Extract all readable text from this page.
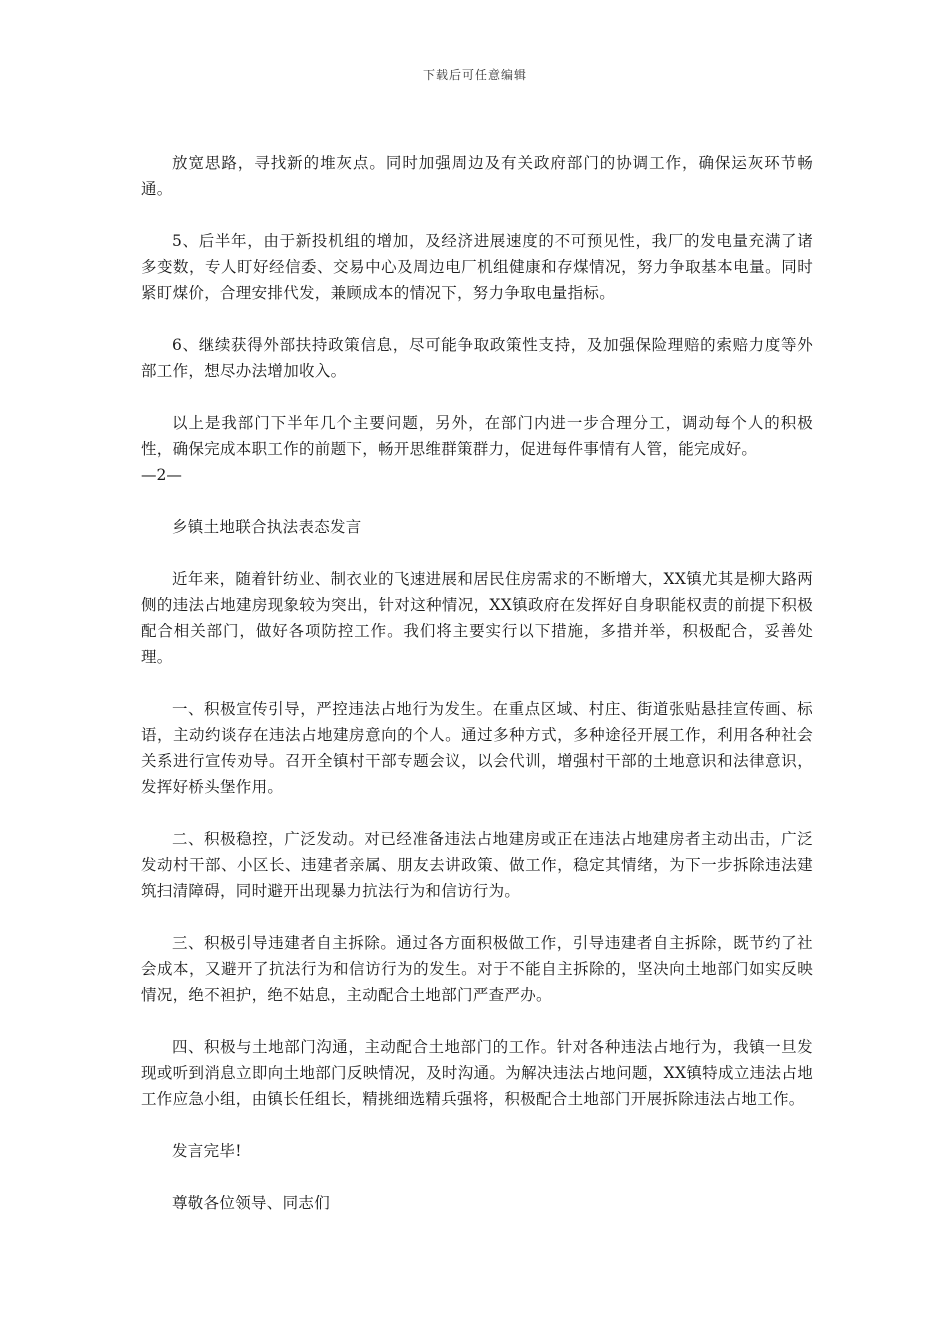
下载后可任意编辑

放宽思路，寻找新的堆灰点。同时加强周边及有关政府部门的协调工作，确保运灰环节畅通。

5、后半年，由于新投机组的增加，及经济进展速度的不可预见性，我厂的发电量充满了诸多变数，专人盯好经信委、交易中心及周边电厂机组健康和存煤情况，努力争取基本电量。同时紧盯煤价，合理安排代发，兼顾成本的情况下，努力争取电量指标。

6、继续获得外部扶持政策信息，尽可能争取政策性支持，及加强保险理赔的索赔力度等外部工作，想尽办法增加收入。

以上是我部门下半年几个主要问题，另外，在部门内进一步合理分工，调动每个人的积极性，确保完成本职工作的前题下，畅开思维群策群力，促进每件事情有人管，能完成好。

—2—

乡镇土地联合执法表态发言

近年来，随着针纺业、制衣业的飞速进展和居民住房需求的不断增大，XX镇尤其是柳大路两侧的违法占地建房现象较为突出，针对这种情况，XX镇政府在发挥好自身职能权责的前提下积极配合相关部门，做好各项防控工作。我们将主要实行以下措施，多措并举，积极配合，妥善处理。

一、积极宣传引导，严控违法占地行为发生。在重点区域、村庄、街道张贴悬挂宣传画、标语，主动约谈存在违法占地建房意向的个人。通过多种方式，多种途径开展工作，利用各种社会关系进行宣传劝导。召开全镇村干部专题会议，以会代训，增强村干部的土地意识和法律意识，发挥好桥头堡作用。

二、积极稳控，广泛发动。对已经准备违法占地建房或正在违法占地建房者主动出击，广泛发动村干部、小区长、违建者亲属、朋友去讲政策、做工作，稳定其情绪，为下一步拆除违法建筑扫清障碍，同时避开出现暴力抗法行为和信访行为。

三、积极引导违建者自主拆除。通过各方面积极做工作，引导违建者自主拆除，既节约了社会成本，又避开了抗法行为和信访行为的发生。对于不能自主拆除的，坚决向土地部门如实反映情况，绝不袒护，绝不姑息，主动配合土地部门严查严办。

四、积极与土地部门沟通，主动配合土地部门的工作。针对各种违法占地行为，我镇一旦发现或听到消息立即向土地部门反映情况，及时沟通。为解决违法占地问题，XX镇特成立违法占地工作应急小组，由镇长任组长，精挑细选精兵强将，积极配合土地部门开展拆除违法占地工作。

发言完毕!

尊敬各位领导、同志们
